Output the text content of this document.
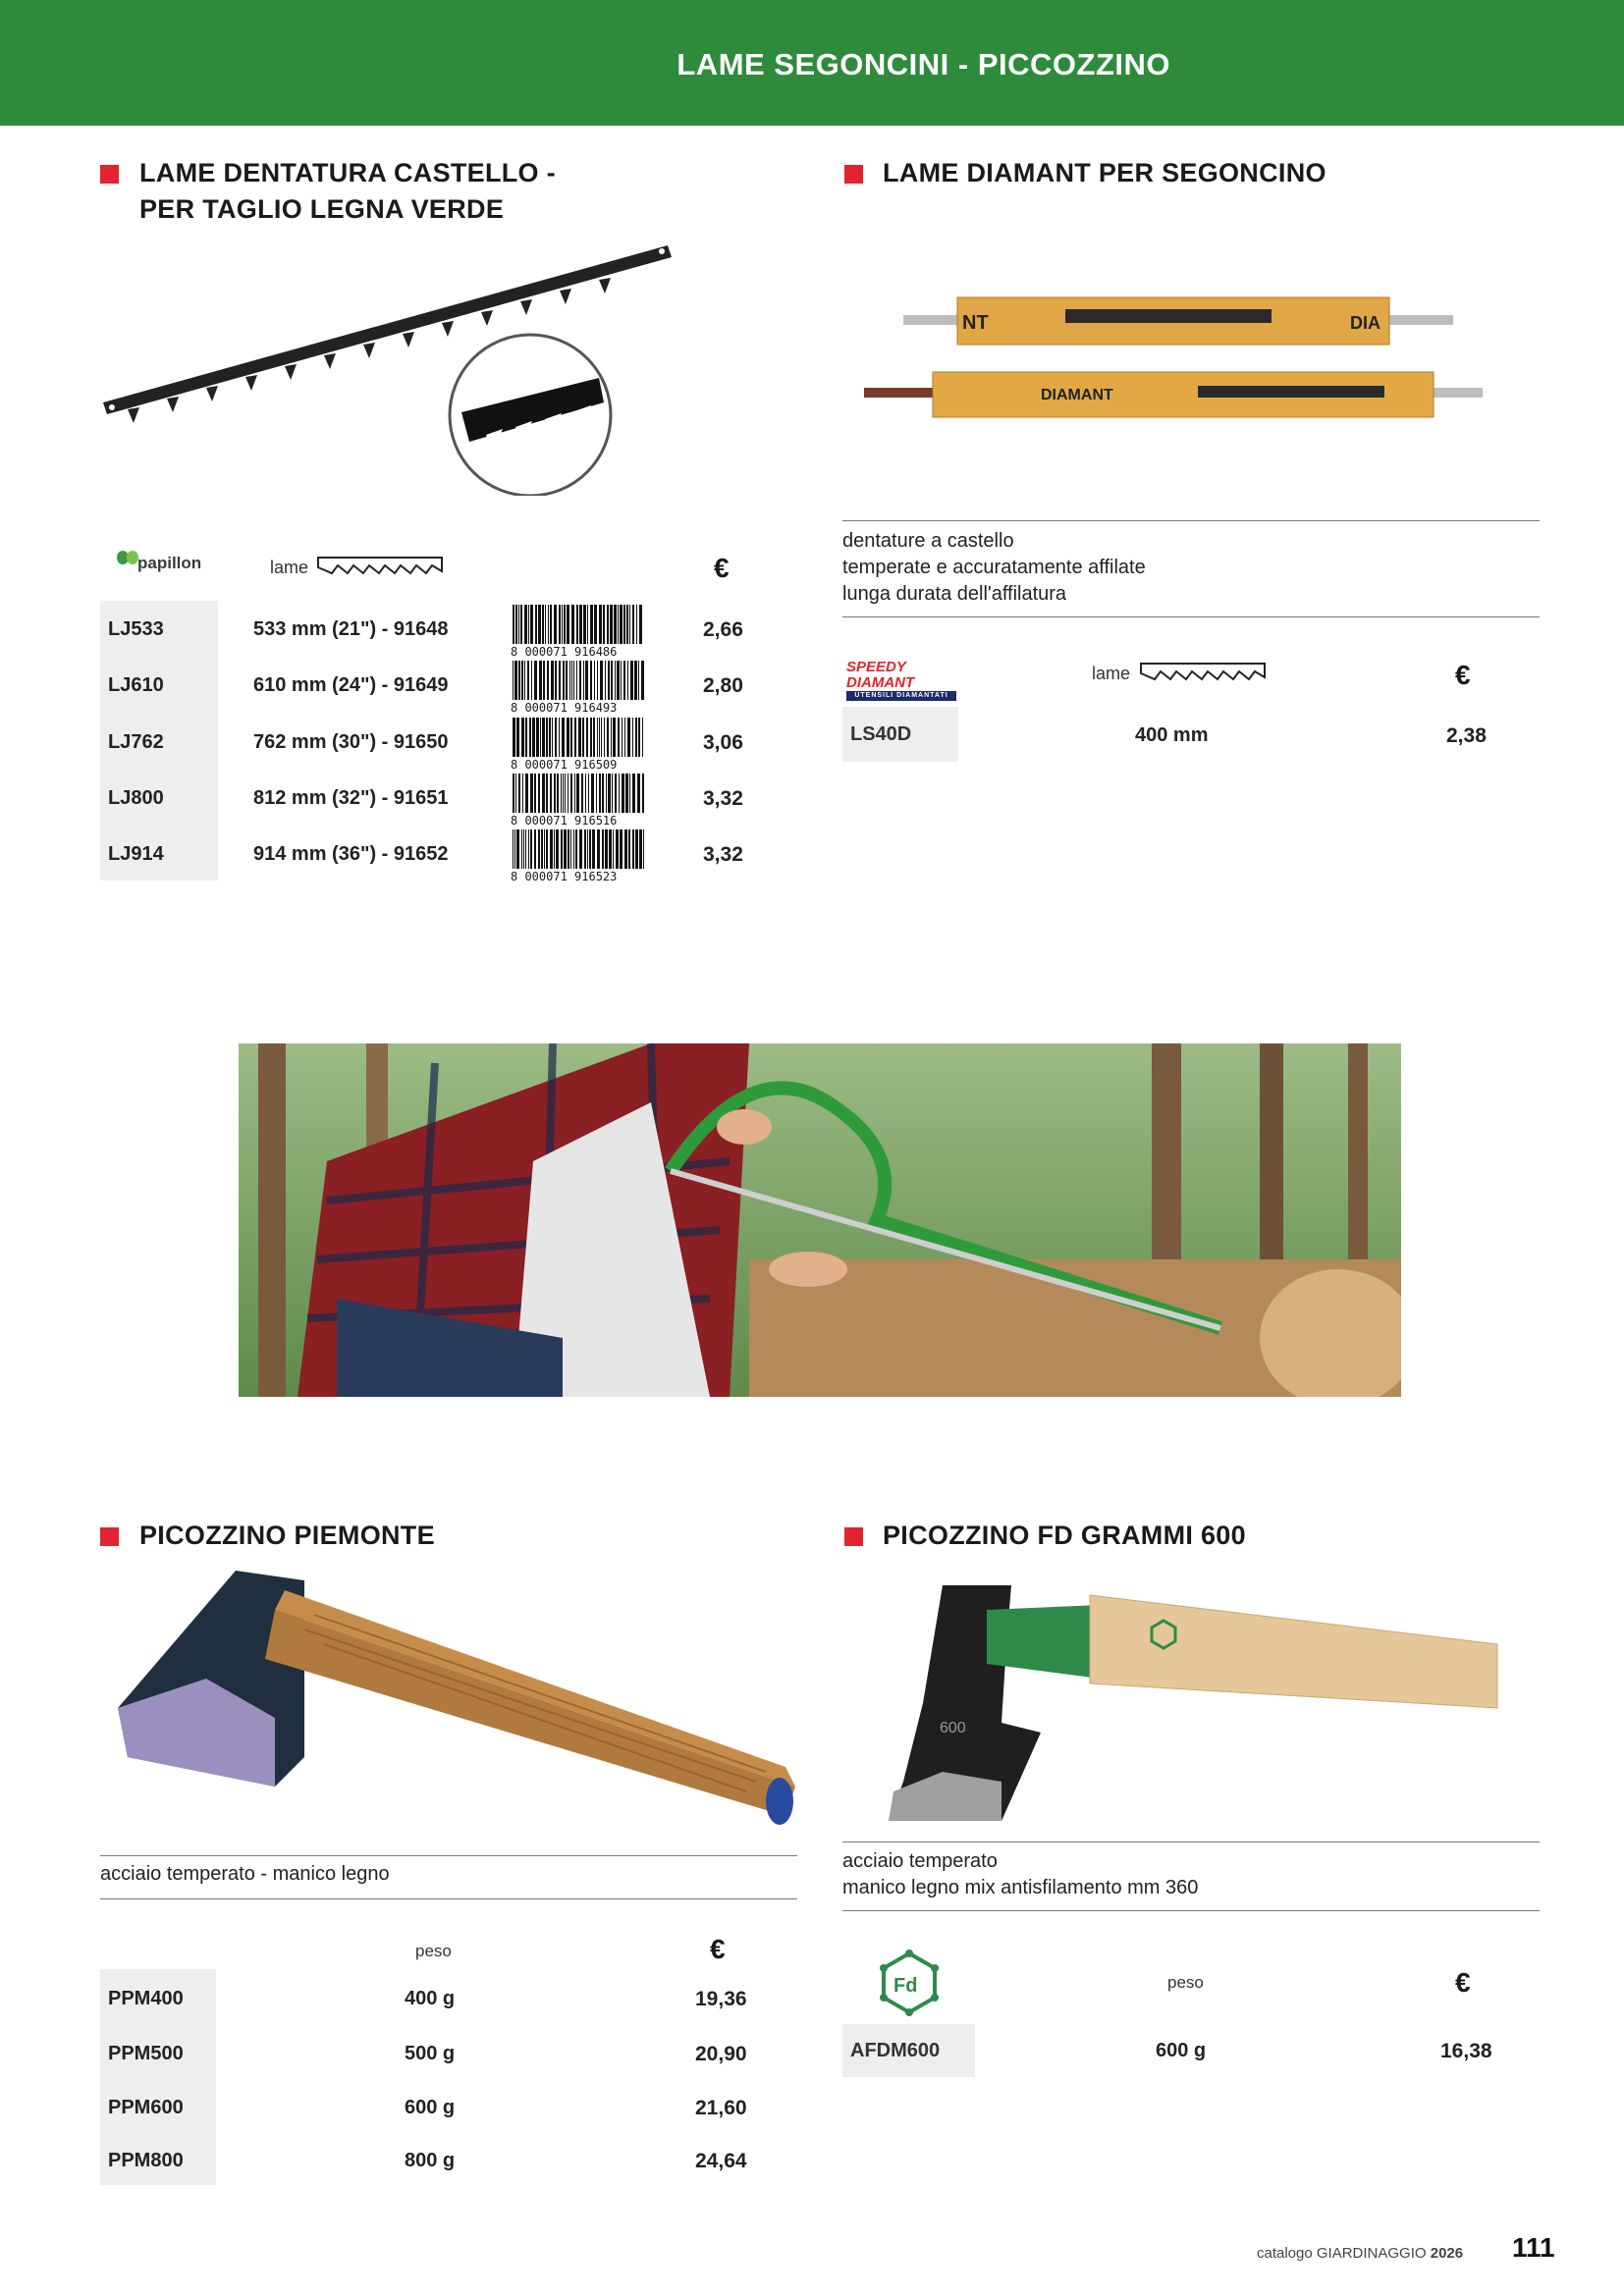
LAME SEGONCINI - PICCOZZINO
LAME DENTATURA CASTELLO -
PER TAGLIO LEGNA VERDE
papillon	lame	€
LJ533	533 mm (21") - 91648	2,66
LJ610	610 mm (24") - 91649	2,80
LJ762	762 mm (30") - 91650	3,06
LJ800	812 mm (32") - 91651	3,32
LJ914	914 mm (36") - 91652	3,32
8 000071 916486
8 000071 916493
8 000071 916509
8 000071 916516
8 000071 916523
LAME DIAMANT PER SEGONCINO
NT	DIA
DIAMANT
dentature a castello
temperate e accuratamente affilate
lunga durata dell'affilatura
SPEEDY DIAMANT
UTENSILI DIAMANTATI
lame	€
LS40D	400 mm	2,38
PICOZZINO PIEMONTE
acciaio temperato - manico legno
peso	€
PPM400	400 g	19,36
PPM500	500 g	20,90
PPM600	600 g	21,60
PPM800	800 g	24,64
PICOZZINO FD GRAMMI 600
600
acciaio temperato
manico legno mix antisfilamento mm 360
Fd	peso	€
AFDM600	600 g	16,38
catalogo GIARDINAGGIO 2026 111
